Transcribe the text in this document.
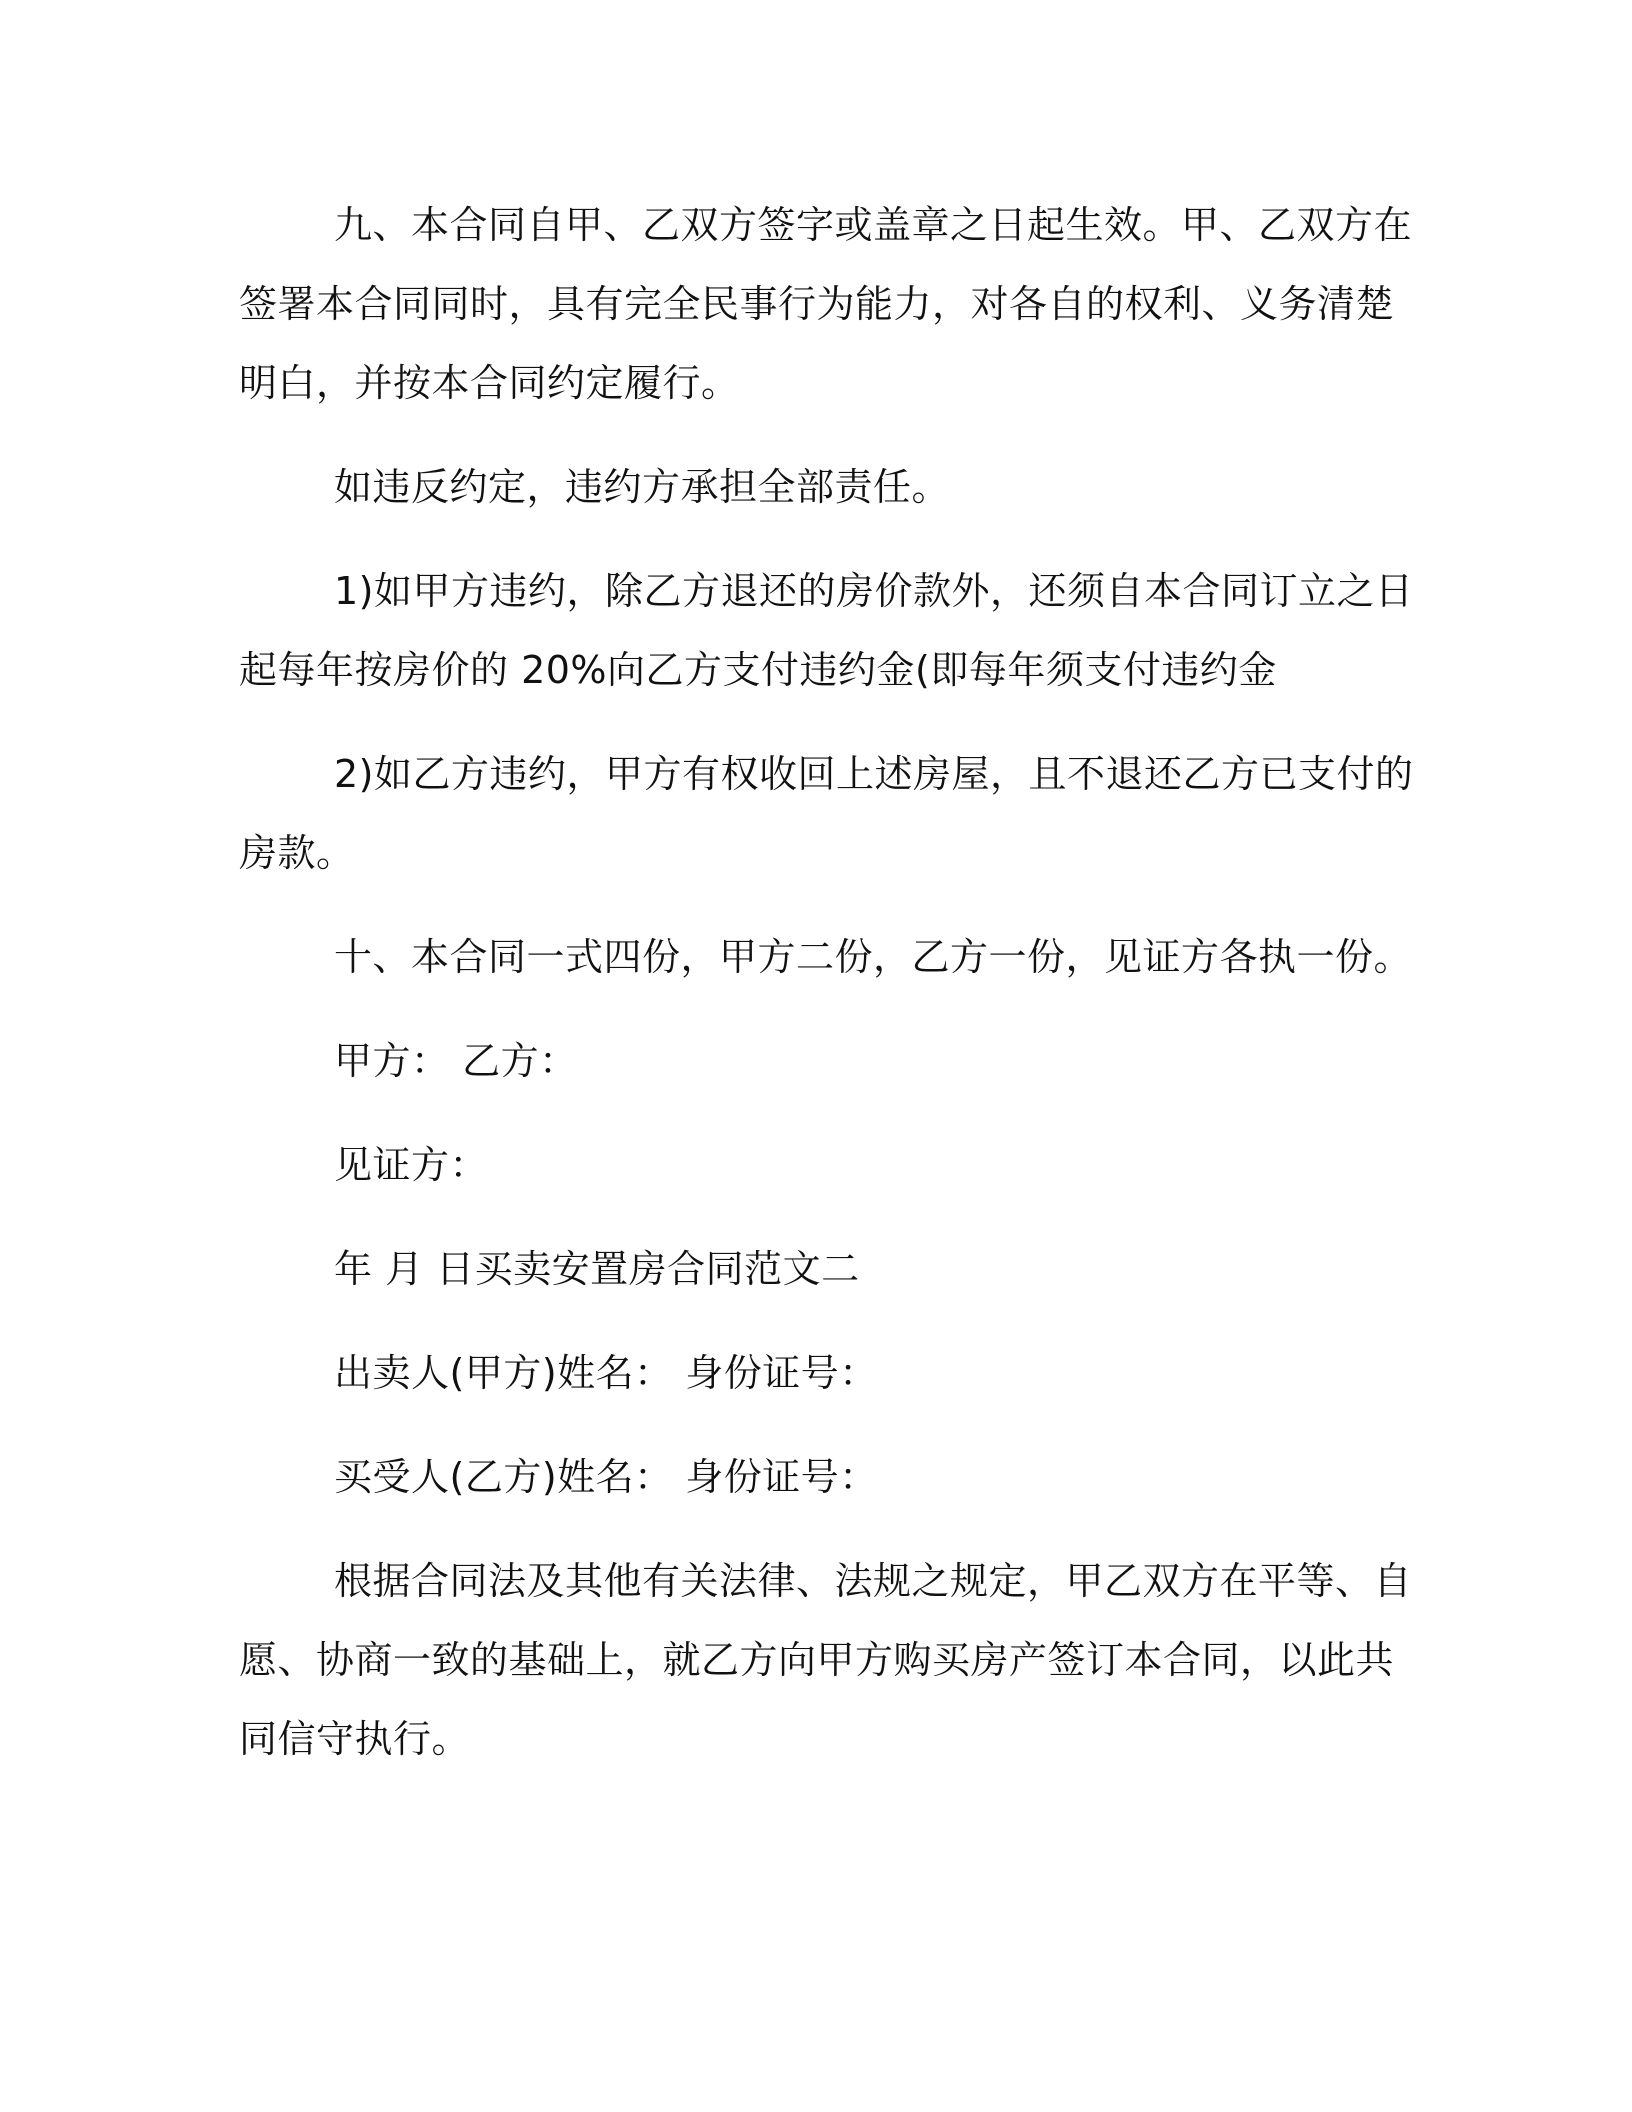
九、本合同自甲、乙双方签字或盖章之日起生效。甲、乙双方在
签署本合同同时，具有完全民事行为能力，对各自的权利、义务清楚
明白，并按本合同约定履行。

如违反约定，违约方承担全部责任。

1)如甲方违约，除乙方退还的房价款外，还须自本合同订立之日
起每年按房价的 20%向乙方支付违约金(即每年须支付违约金

2)如乙方违约，甲方有权收回上述房屋，且不退还乙方已支付的
房款。

十、本合同一式四份，甲方二份，乙方一份，见证方各执一份。

甲方： 乙方：

见证方：

年 月 日买卖安置房合同范文二

出卖人(甲方)姓名： 身份证号：

买受人(乙方)姓名： 身份证号：

根据合同法及其他有关法律、法规之规定，甲乙双方在平等、自
愿、协商一致的基础上，就乙方向甲方购买房产签订本合同，以此共
同信守执行。
